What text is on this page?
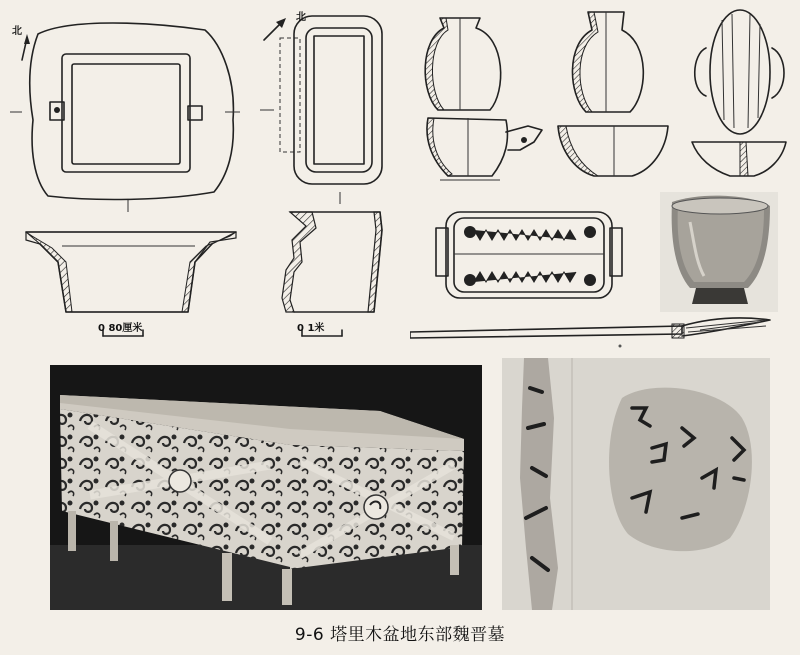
北
0 80厘米
北
0 1米
9-6 塔里木盆地东部魏晋墓
